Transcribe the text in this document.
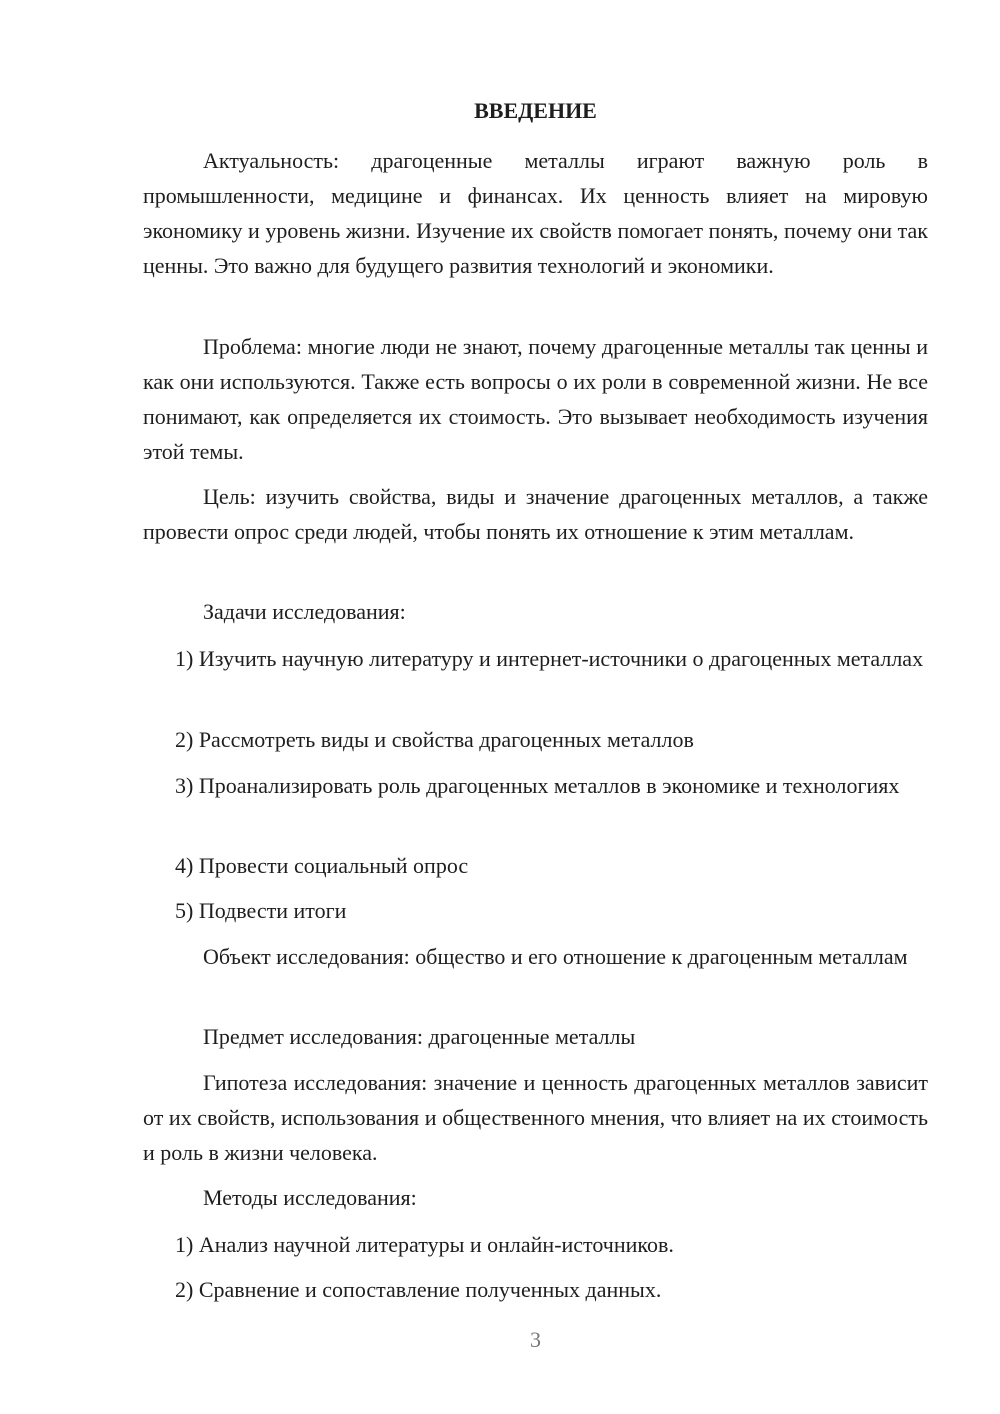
ВВЕДЕНИЕ

Актуальность: драгоценные металлы играют важную роль в промышленности, медицине и финансах. Их ценность влияет на мировую экономику и уровень жизни. Изучение их свойств помогает понять, почему они так ценны. Это важно для будущего развития технологий и экономики.

Проблема: многие люди не знают, почему драгоценные металлы так ценны и как они используются. Также есть вопросы о их роли в современной жизни. Не все понимают, как определяется их стоимость. Это вызывает необходимость изучения этой темы.

Цель: изучить свойства, виды и значение драгоценных металлов, а также провести опрос среди людей, чтобы понять их отношение к этим металлам.

Задачи исследования:

1) Изучить научную литературу и интернет-источники о драгоценных металлах

2) Рассмотреть виды и свойства драгоценных металлов

3) Проанализировать роль драгоценных металлов в экономике и технологиях

4) Провести социальный опрос

5) Подвести итоги

Объект исследования: общество и его отношение к драгоценным металлам

Предмет исследования: драгоценные металлы

Гипотеза исследования: значение и ценность драгоценных металлов зависит от их свойств, использования и общественного мнения, что влияет на их стоимость и роль в жизни человека.

Методы исследования:

1) Анализ научной литературы и онлайн-источников.

2) Сравнение и сопоставление полученных данных.

3
